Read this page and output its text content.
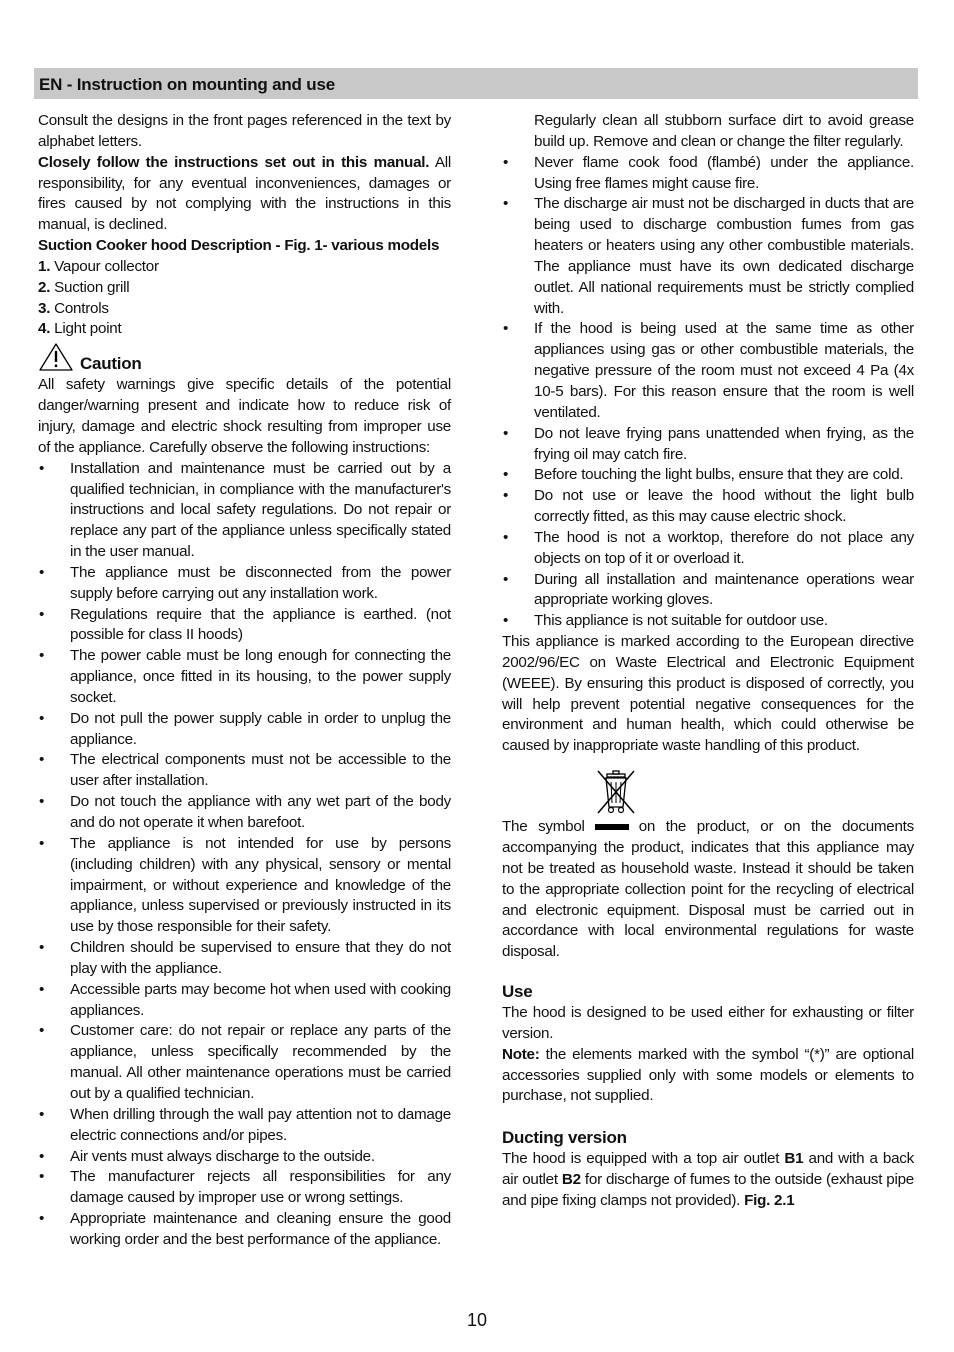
EN - Instruction on mounting and use

Consult the designs in the front pages referenced in the text by alphabet letters.

Closely follow the instructions set out in this manual. All responsibility, for any eventual inconveniences, damages or fires caused by not complying with the instructions in this manual, is declined.

Suction Cooker hood Description - Fig. 1- various models

1. Vapour collector

2. Suction grill

3. Controls

4. Light point

Caution

All safety warnings give specific details of the potential danger/warning present and indicate how to reduce risk of injury, damage and electric shock resulting from improper use of the appliance. Carefully observe the following instructions:

• Installation and maintenance must be carried out by a qualified technician, in compliance with the manufacturer's instructions and local safety regulations. Do not repair or replace any part of the appliance unless specifically stated in the user manual.
• The appliance must be disconnected from the power supply before carrying out any installation work.
• Regulations require that the appliance is earthed. (not possible for class II hoods)
• The power cable must be long enough for connecting the appliance, once fitted in its housing, to the power supply socket.
• Do not pull the power supply cable in order to unplug the appliance.
• The electrical components must not be accessible to the user after installation.
• Do not touch the appliance with any wet part of the body and do not operate it when barefoot.
• The appliance is not intended for use by persons (including children) with any physical, sensory or mental impairment, or without experience and knowledge of the appliance, unless supervised or previously instructed in its use by those responsible for their safety.
• Children should be supervised to ensure that they do not play with the appliance.
• Accessible parts may become hot when used with cooking appliances.
• Customer care: do not repair or replace any parts of the appliance, unless specifically recommended by the manual. All other maintenance operations must be carried out by a qualified technician.
• When drilling through the wall pay attention not to damage electric connections and/or pipes.
• Air vents must always discharge to the outside.
• The manufacturer rejects all responsibilities for any damage caused by improper use or wrong settings.
• Appropriate maintenance and cleaning ensure the good working order and the best performance of the appliance.

Regularly clean all stubborn surface dirt to avoid grease build up. Remove and clean or change the filter regularly.

• Never flame cook food (flambé) under the appliance. Using free flames might cause fire.
• The discharge air must not be discharged in ducts that are being used to discharge combustion fumes from gas heaters or heaters using any other combustible materials. The appliance must have its own dedicated discharge outlet. All national requirements must be strictly complied with.
• If the hood is being used at the same time as other appliances using gas or other combustible materials, the negative pressure of the room must not exceed 4 Pa (4x 10-5 bars). For this reason ensure that the room is well ventilated.
• Do not leave frying pans unattended when frying, as the frying oil may catch fire.
• Before touching the light bulbs, ensure that they are cold.
• Do not use or leave the hood without the light bulb correctly fitted, as this may cause electric shock.
• The hood is not a worktop, therefore do not place any objects on top of it or overload it.
• During all installation and maintenance operations wear appropriate working gloves.
• This appliance is not suitable for outdoor use.

This appliance is marked according to the European directive 2002/96/EC on Waste Electrical and Electronic Equipment (WEEE). By ensuring this product is disposed of correctly, you will help prevent potential negative consequences for the environment and human health, which could otherwise be caused by inappropriate waste handling of this product.

The symbol	on the product, or on the documents accompanying the product, indicates that this appliance may not be treated as household waste. Instead it should be taken to the appropriate collection point for the recycling of electrical and electronic equipment. Disposal must be carried out in accordance with local environmental regulations for waste disposal.

Use

The hood is designed to be used either for exhausting or filter version.

Note: the elements marked with the symbol “(*)” are optional accessories supplied only with some models or elements to purchase, not supplied.

Ducting version

The hood is equipped with a top air outlet B1 and with a back air outlet B2 for discharge of fumes to the outside (exhaust pipe and pipe fixing clamps not provided). Fig. 2.1

10
